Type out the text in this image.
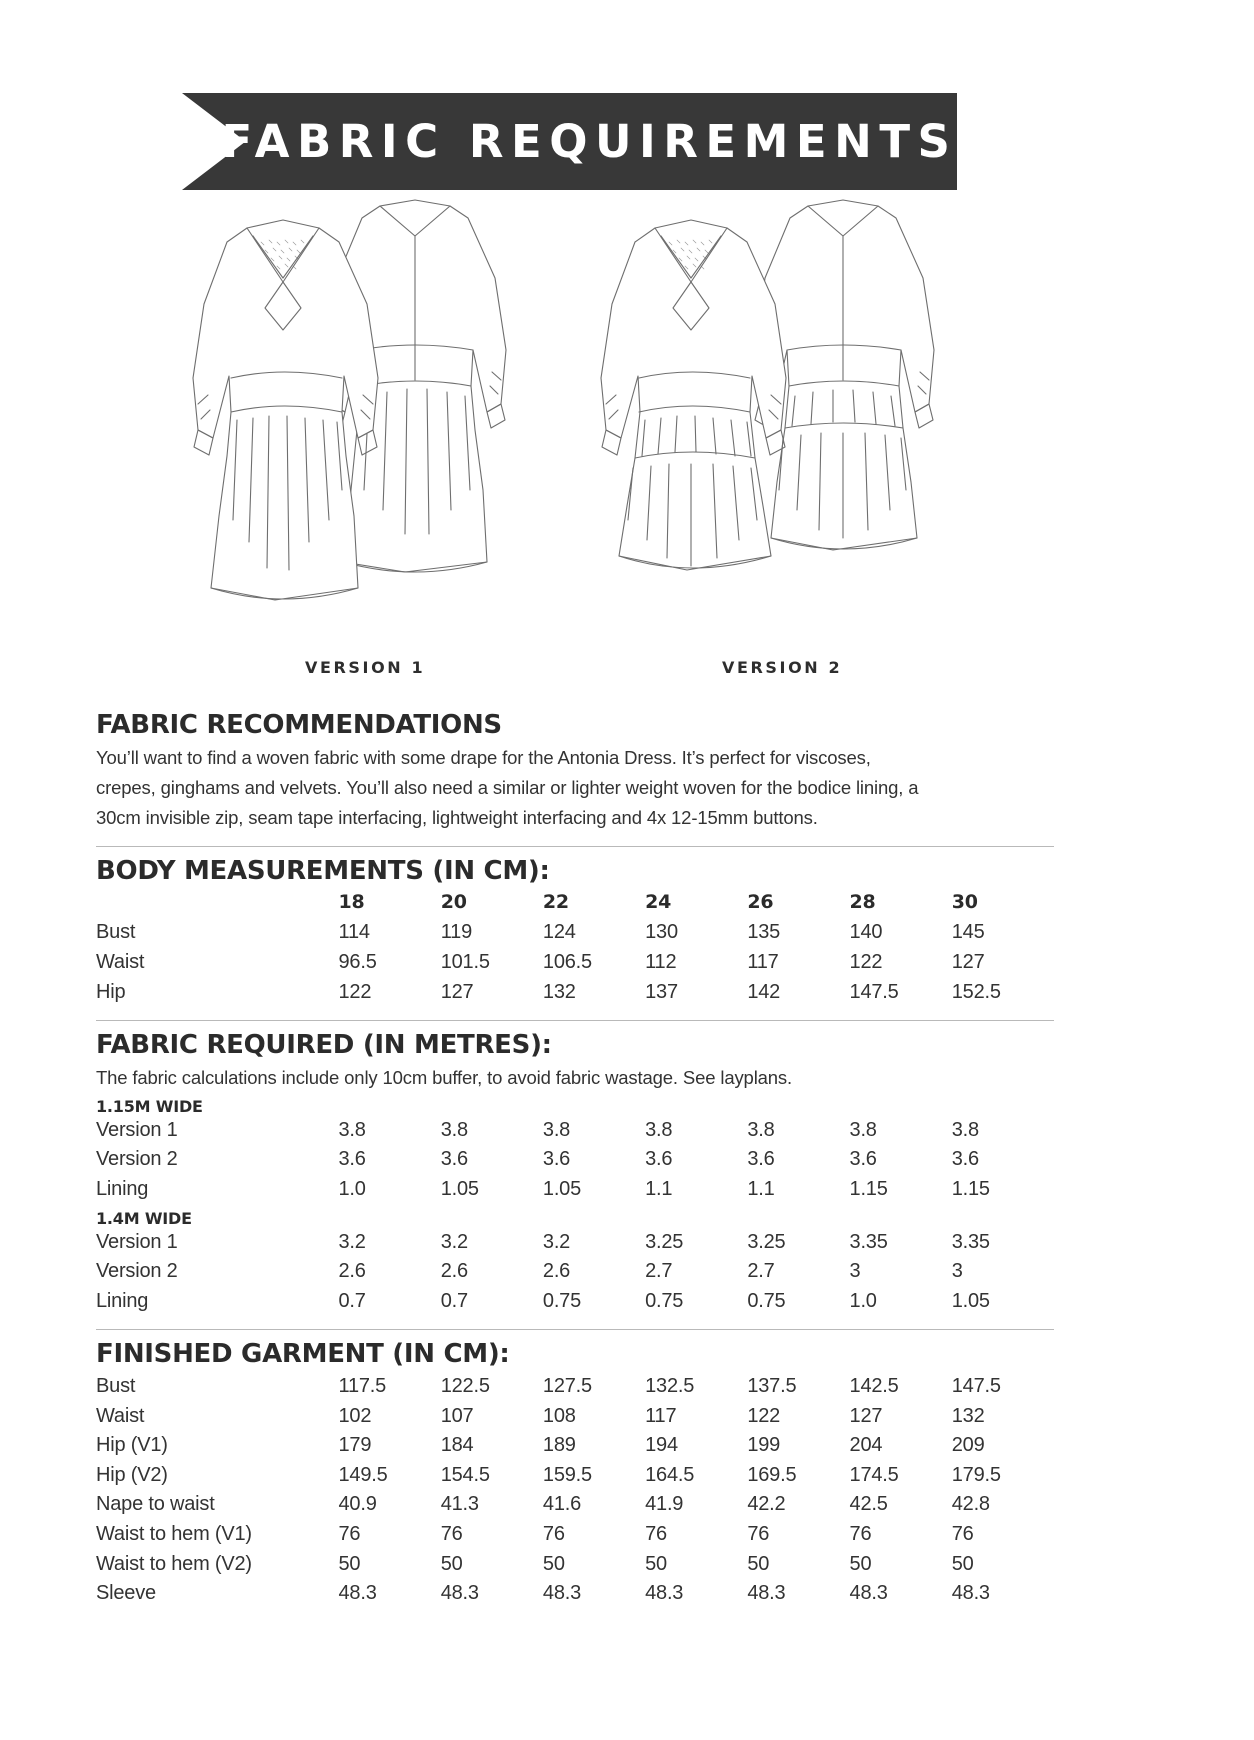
FABRIC REQUIREMENTS
VERSION 1	VERSION 2
FABRIC RECOMMENDATIONS

You’ll want to find a woven fabric with some drape for the Antonia Dress. It’s perfect for viscoses,

crepes, ginghams and velvets. You’ll also need a similar or lighter weight woven for the bodice lining, a

30cm invisible zip, seam tape interfacing, lightweight interfacing and 4x 12-15mm buttons.

BODY MEASUREMENTS (IN CM):
	18	20	22	24	26	28	30
Bust	114	119	124	130	135	140	145
Waist	96.5	101.5	106.5	112	117	122	127
Hip	122	127	132	137	142	147.5	152.5
FABRIC REQUIRED (IN METRES):

The fabric calculations include only 10cm buffer, to avoid fabric wastage. See layplans.

1.15M WIDE
Version 1	3.8	3.8	3.8	3.8	3.8	3.8	3.8
Version 2	3.6	3.6	3.6	3.6	3.6	3.6	3.6
Lining	1.0	1.05	1.05	1.1	1.1	1.15	1.15
1.4M WIDE
Version 1	3.2	3.2	3.2	3.25	3.25	3.35	3.35
Version 2	2.6	2.6	2.6	2.7	2.7	3	3
Lining	0.7	0.7	0.75	0.75	0.75	1.0	1.05
FINISHED GARMENT (IN CM):
Bust	117.5	122.5	127.5	132.5	137.5	142.5	147.5
Waist	102	107	108	117	122	127	132
Hip (V1)	179	184	189	194	199	204	209
Hip (V2)	149.5	154.5	159.5	164.5	169.5	174.5	179.5
Nape to waist	40.9	41.3	41.6	41.9	42.2	42.5	42.8
Waist to hem (V1)	76	76	76	76	76	76	76
Waist to hem (V2)	50	50	50	50	50	50	50
Sleeve	48.3	48.3	48.3	48.3	48.3	48.3	48.3
